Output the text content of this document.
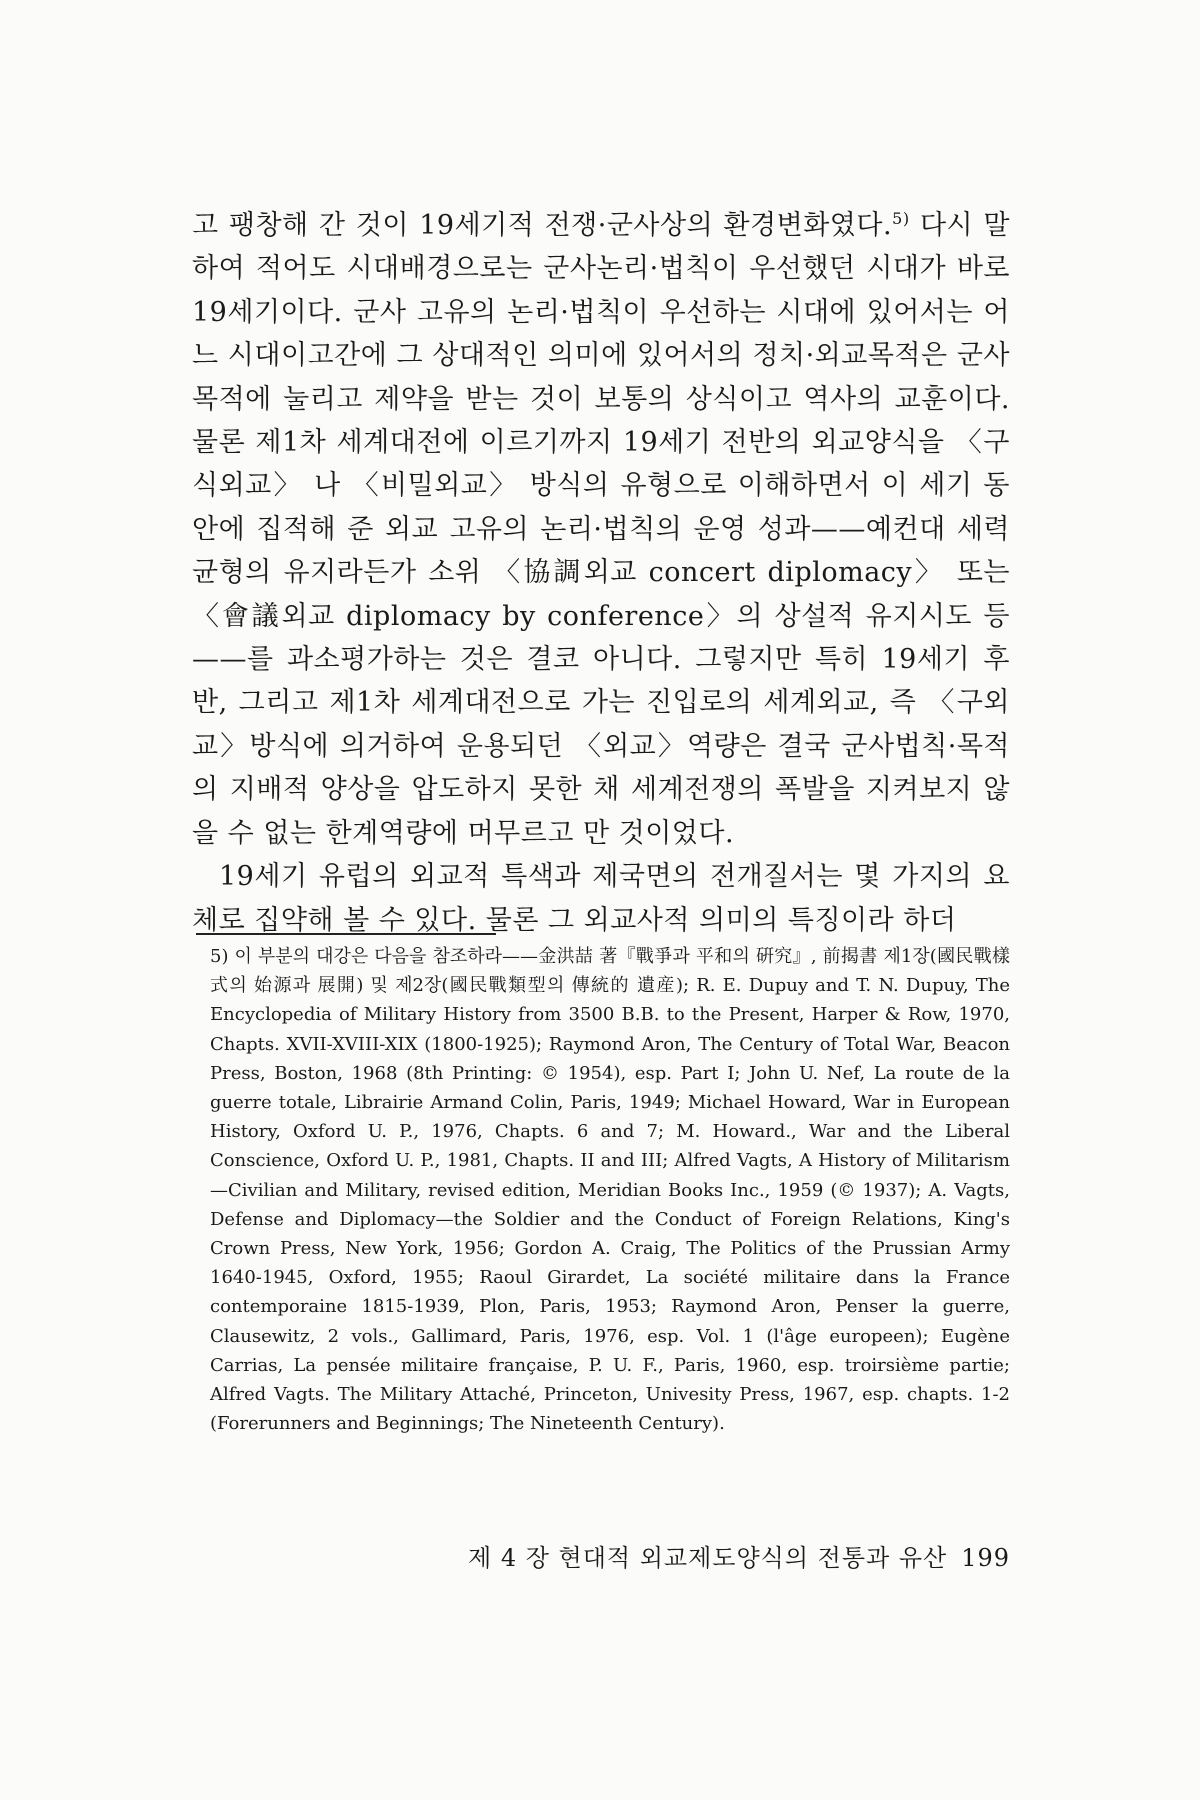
고 팽창해 간 것이 19세기적 전쟁·군사상의 환경변화였다.$^{5)}$ 다시 말하여 적어도 시대배경으로는 군사논리·법칙이 우선했던 시대가 바로 19세기이다. 군사 고유의 논리·법칙이 우선하는 시대에 있어서는 어느 시대이고간에 그 상대적인 의미에 있어서의 정치·외교목적은 군사목적에 눌리고 제약을 받는 것이 보통의 상식이고 역사의 교훈이다. 물론 제1차 세계대전에 이르기까지 19세기 전반의 외교양식을 〈구식외교〉 나 〈비밀외교〉 방식의 유형으로 이해하면서 이 세기 동안에 집적해 준 외교 고유의 논리·법칙의 운영 성과——예컨대 세력균형의 유지라든가 소위 〈協調외교 concert diplomacy〉 또는 〈會議외교 diplomacy by conference〉의 상설적 유지시도 등——를 과소평가하는 것은 결코 아니다. 그렇지만 특히 19세기 후반, 그리고 제1차 세계대전으로 가는 진입로의 세계외교, 즉 〈구외교〉방식에 의거하여 운용되던 〈외교〉역량은 결국 군사법칙·목적의 지배적 양상을 압도하지 못한 채 세계전쟁의 폭발을 지켜보지 않을 수 없는 한계역량에 머무르고 만 것이었다.

19세기 유럽의 외교적 특색과 제국면의 전개질서는 몇 가지의 요체로 집약해 볼 수 있다. 물론 그 외교사적 의미의 특징이라 하더

5) 이 부분의 대강은 다음을 참조하라——金洪喆 著『戰爭과 平和의 硏究』, 前揭書 제1장(國民戰樣式의 始源과 展開) 및 제2장(國民戰類型의 傳統的 遺産); R. E. Dupuy and T. N. Dupuy, The Encyclopedia of Military History from 3500 B.B. to the Present, Harper & Row, 1970, Chapts. XVII-XVIII-XIX (1800-1925); Raymond Aron, The Century of Total War, Beacon Press, Boston, 1968 (8th Printing: © 1954), esp. Part I; John U. Nef, La route de la guerre totale, Librairie Armand Colin, Paris, 1949; Michael Howard, War in European History, Oxford U. P., 1976, Chapts. 6 and 7; M. Howard., War and the Liberal Conscience, Oxford U. P., 1981, Chapts. II and III; Alfred Vagts, A History of Militarism—Civilian and Military, revised edition, Meridian Books Inc., 1959 (© 1937); A. Vagts, Defense and Diplomacy—the Soldier and the Conduct of Foreign Relations, King's Crown Press, New York, 1956; Gordon A. Craig, The Politics of the Prussian Army 1640-1945, Oxford, 1955; Raoul Girardet, La société militaire dans la France contemporaine 1815-1939, Plon, Paris, 1953; Raymond Aron, Penser la guerre, Clausewitz, 2 vols., Gallimard, Paris, 1976, esp. Vol. 1 (l'âge europeen); Eugène Carrias, La pensée militaire française, P. U. F., Paris, 1960, esp. troirsième partie; Alfred Vagts. The Military Attaché, Princeton, Univesity Press, 1967, esp. chapts. 1-2 (Forerunners and Beginnings; The Nineteenth Century).
제 4 장 현대적 외교제도양식의 전통과 유산 199
